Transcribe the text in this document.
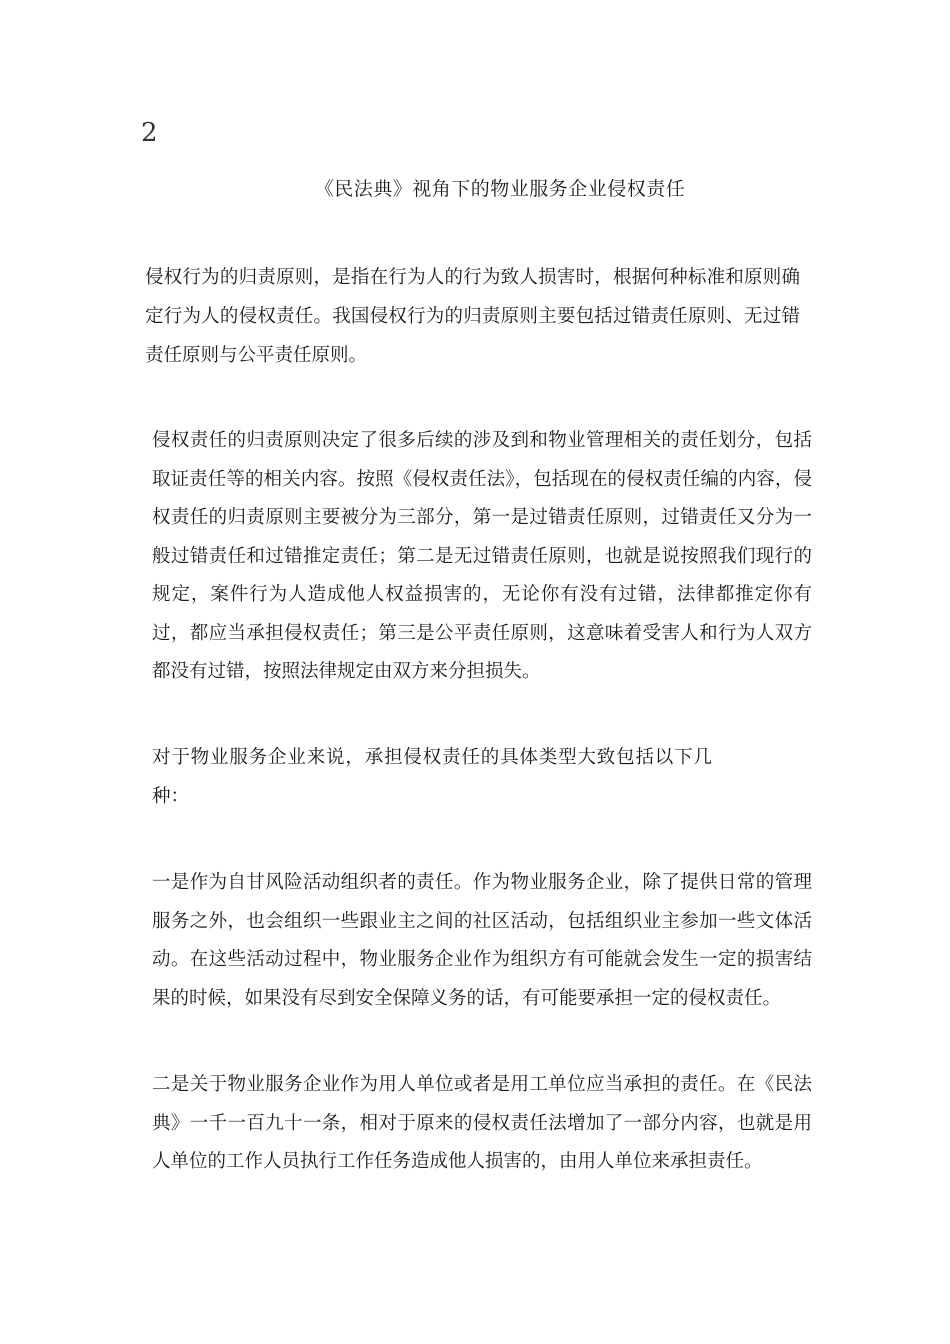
2
《民法典》视角下的物业服务企业侵权责任
侵权行为的归责原则，是指在行为人的行为致人损害时，根据何种标准和原则确定行为人的侵权责任。我国侵权行为的归责原则主要包括过错责任原则、无过错责任原则与公平责任原则。
侵权责任的归责原则决定了很多后续的涉及到和物业管理相关的责任划分，包括取证责任等的相关内容。按照《侵权责任法》，包括现在的侵权责任编的内容，侵权责任的归责原则主要被分为三部分，第一是过错责任原则，过错责任又分为一般过错责任和过错推定责任；第二是无过错责任原则，也就是说按照我们现行的规定，案件行为人造成他人权益损害的，无论你有没有过错，法律都推定你有过，都应当承担侵权责任；第三是公平责任原则，这意味着受害人和行为人双方都没有过错，按照法律规定由双方来分担损失。
对于物业服务企业来说，承担侵权责任的具体类型大致包括以下几种：
一是作为自甘风险活动组织者的责任。作为物业服务企业，除了提供日常的管理服务之外，也会组织一些跟业主之间的社区活动，包括组织业主参加一些文体活动。在这些活动过程中，物业服务企业作为组织方有可能就会发生一定的损害结果的时候，如果没有尽到安全保障义务的话，有可能要承担一定的侵权责任。
二是关于物业服务企业作为用人单位或者是用工单位应当承担的责任。在《民法典》一千一百九十一条，相对于原来的侵权责任法增加了一部分内容，也就是用人单位的工作人员执行工作任务造成他人损害的，由用人单位来承担责任。
